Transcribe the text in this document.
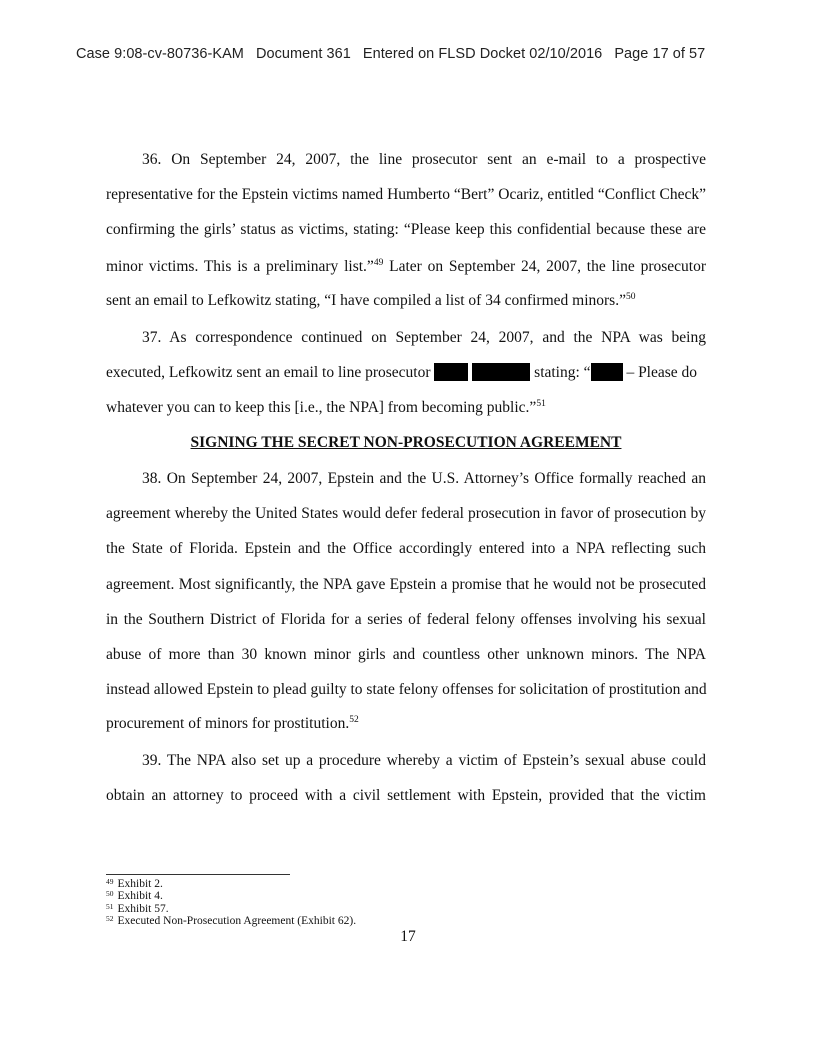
Case 9:08-cv-80736-KAM Document 361 Entered on FLSD Docket 02/10/2016 Page 17 of 57
36. On September 24, 2007, the line prosecutor sent an e-mail to a prospective
representative for the Epstein victims named Humberto “Bert” Ocariz, entitled “Conflict Check”
confirming the girls’ status as victims, stating: “Please keep this confidential because these are
minor victims. This is a preliminary list.”$^{49}$ Later on September 24, 2007, the line prosecutor
sent an email to Lefkowitz stating, “I have compiled a list of 34 confirmed minors.”$^{50}$
37. As correspondence continued on September 24, 2007, and the NPA was being
executed, Lefkowitz sent an email to line prosecutor	stating: “ – Please do
whatever you can to keep this [i.e., the NPA] from becoming public.”$^{51}$
SIGNING THE SECRET NON-PROSECUTION AGREEMENT
38. On September 24, 2007, Epstein and the U.S. Attorney’s Office formally reached an
agreement whereby the United States would defer federal prosecution in favor of prosecution by
the State of Florida. Epstein and the Office accordingly entered into a NPA reflecting such
agreement. Most significantly, the NPA gave Epstein a promise that he would not be prosecuted
in the Southern District of Florida for a series of federal felony offenses involving his sexual
abuse of more than 30 known minor girls and countless other unknown minors. The NPA
instead allowed Epstein to plead guilty to state felony offenses for solicitation of prostitution and
procurement of minors for prostitution.$^{52}$
39. The NPA also set up a procedure whereby a victim of Epstein’s sexual abuse could
obtain an attorney to proceed with a civil settlement with Epstein, provided that the victim
$^{49}$ Exhibit 2.
$^{50}$ Exhibit 4.
$^{51}$ Exhibit 57.
$^{52}$ Executed Non-Prosecution Agreement (Exhibit 62).
17
